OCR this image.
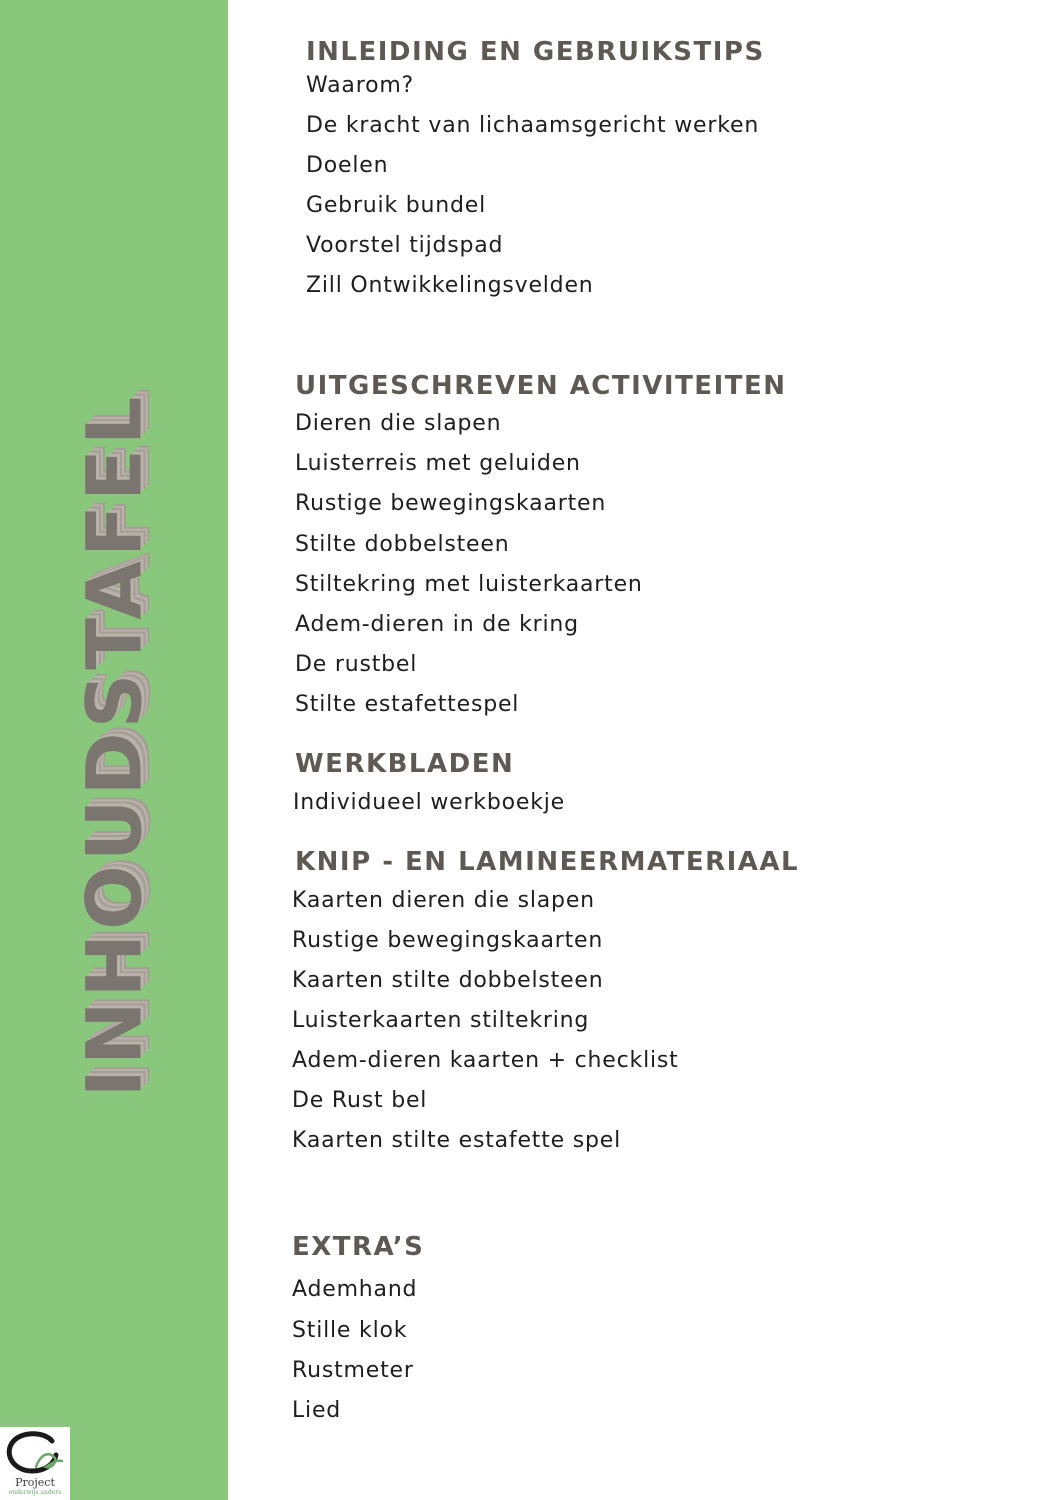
INHOUDSTAFEL
Project
onderwijs anders
INLEIDING EN GEBRUIKSTIPS
Waarom?
De kracht van lichaamsgericht werken
Doelen
Gebruik bundel
Voorstel tijdspad
Zill Ontwikkelingsvelden
UITGESCHREVEN ACTIVITEITEN
Dieren die slapen
Luisterreis met geluiden
Rustige bewegingskaarten
Stilte dobbelsteen
Stiltekring met luisterkaarten
Adem-dieren in de kring
De rustbel
Stilte estafettespel
WERKBLADEN
Individueel werkboekje
KNIP - EN LAMINEERMATERIAAL
Kaarten dieren die slapen
Rustige bewegingskaarten
Kaarten stilte dobbelsteen
Luisterkaarten stiltekring
Adem-dieren kaarten + checklist
De Rust bel
Kaarten stilte estafette spel
EXTRA’S
Ademhand
Stille klok
Rustmeter
Lied
